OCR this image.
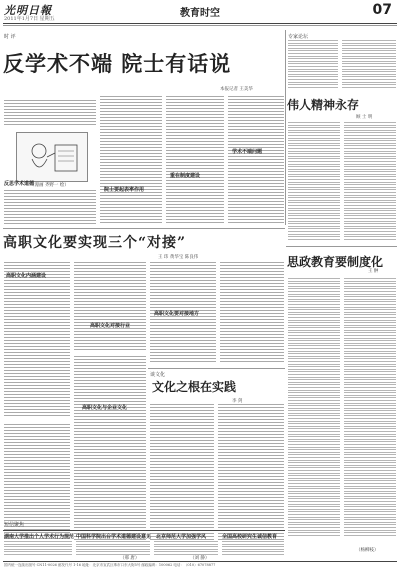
光明日報
2011年1月7日 星期五	教育时空	07
时 评
反学术不端 院士有话说
本报记者 王美华
（漫画 齐野一 绘）
反思学术道德
院士要起表率作用
重在制度建设
学术不端问题
专家论坛
伟人精神永存
顾 士 明
高职文化要实现三个“对接”
王 玮 黄华宝 陈良伟
高职文化内涵建设
高职文化对接行业
高职文化与企业文化
高职文化要对接地方
谈文化
文化之根在实践
李 剑
思政教育要制度化
王 翀
短信聚焦
湖南大学推出个人学术行为规范 中国科学院出台学术道德建设意见 北京师范大学加强学风	全国高校研究生诚信教育
（邢 唐）	（刘 静）
（杨柳枝）
国内统一连续出版号 CN11-0026 邮发代号 1-16 地址：北京市宣武区珠市口东大街5号 邮政编码：100062 电话：（010）67078877
